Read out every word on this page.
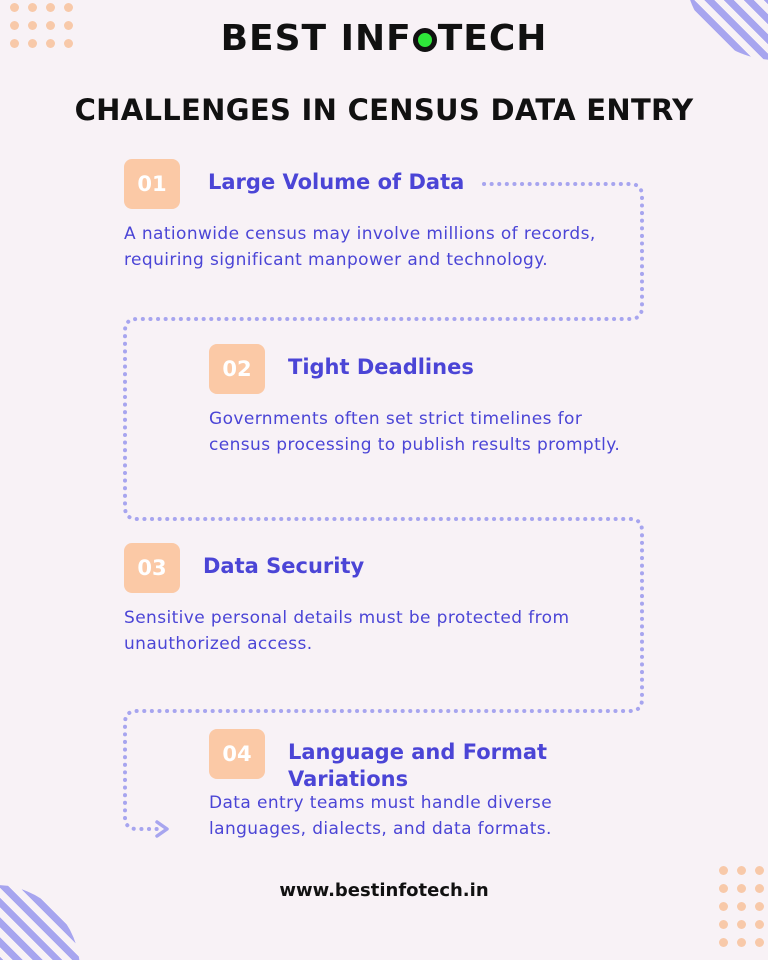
BEST INF TECH
CHALLENGES IN CENSUS DATA ENTRY
01	Large Volume of Data
A nationwide census may involve millions of records, requiring significant manpower and technology.
02	Tight Deadlines
Governments often set strict timelines for census processing to publish results promptly.
03	Data Security
Sensitive personal details must be protected from unauthorized access.
04	Language and Format Variations
Data entry teams must handle diverse languages, dialects, and data formats.
www.bestinfotech.in
